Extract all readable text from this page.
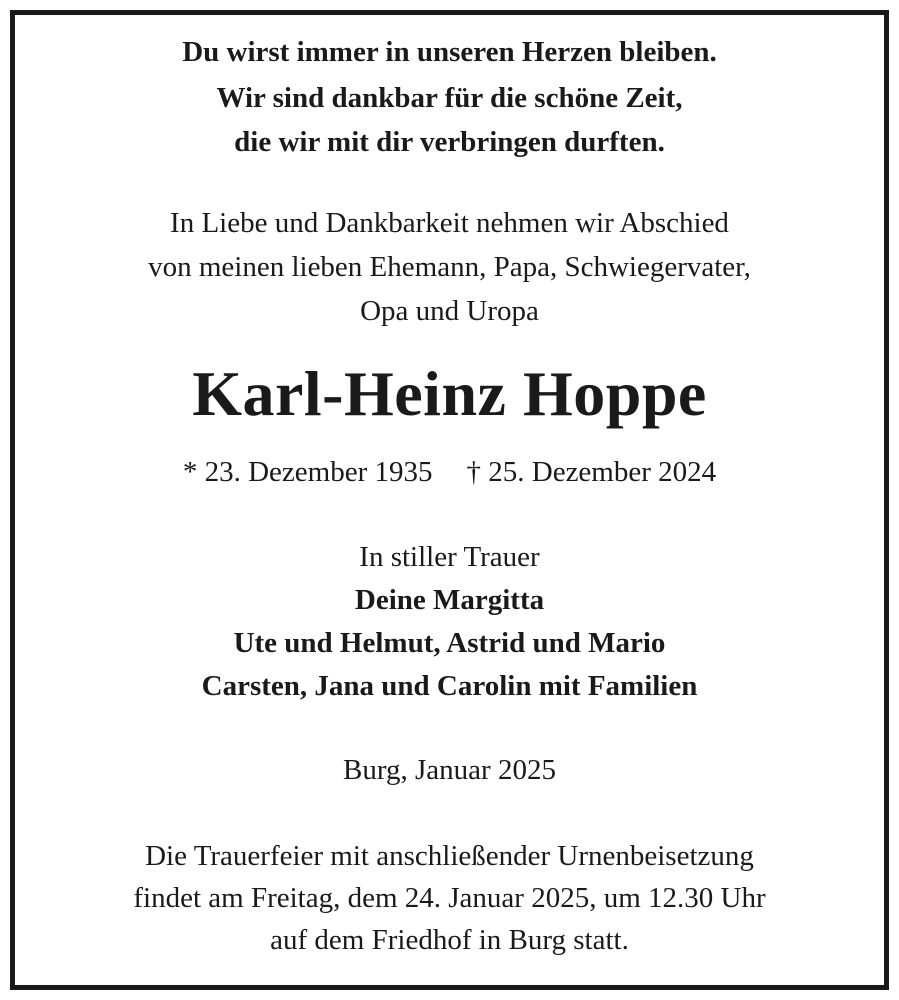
Du wirst immer in unseren Herzen bleiben.
Wir sind dankbar für die schöne Zeit,
die wir mit dir verbringen durften.
In Liebe und Dankbarkeit nehmen wir Abschied
von meinen lieben Ehemann, Papa, Schwiegervater,
Opa und Uropa
Karl-Heinz Hoppe
* 23. Dezember 1935 † 25. Dezember 2024
In stiller Trauer
Deine Margitta
Ute und Helmut, Astrid und Mario
Carsten, Jana und Carolin mit Familien
Burg, Januar 2025
Die Trauerfeier mit anschließender Urnenbeisetzung
findet am Freitag, dem 24. Januar 2025, um 12.30 Uhr
auf dem Friedhof in Burg statt.
